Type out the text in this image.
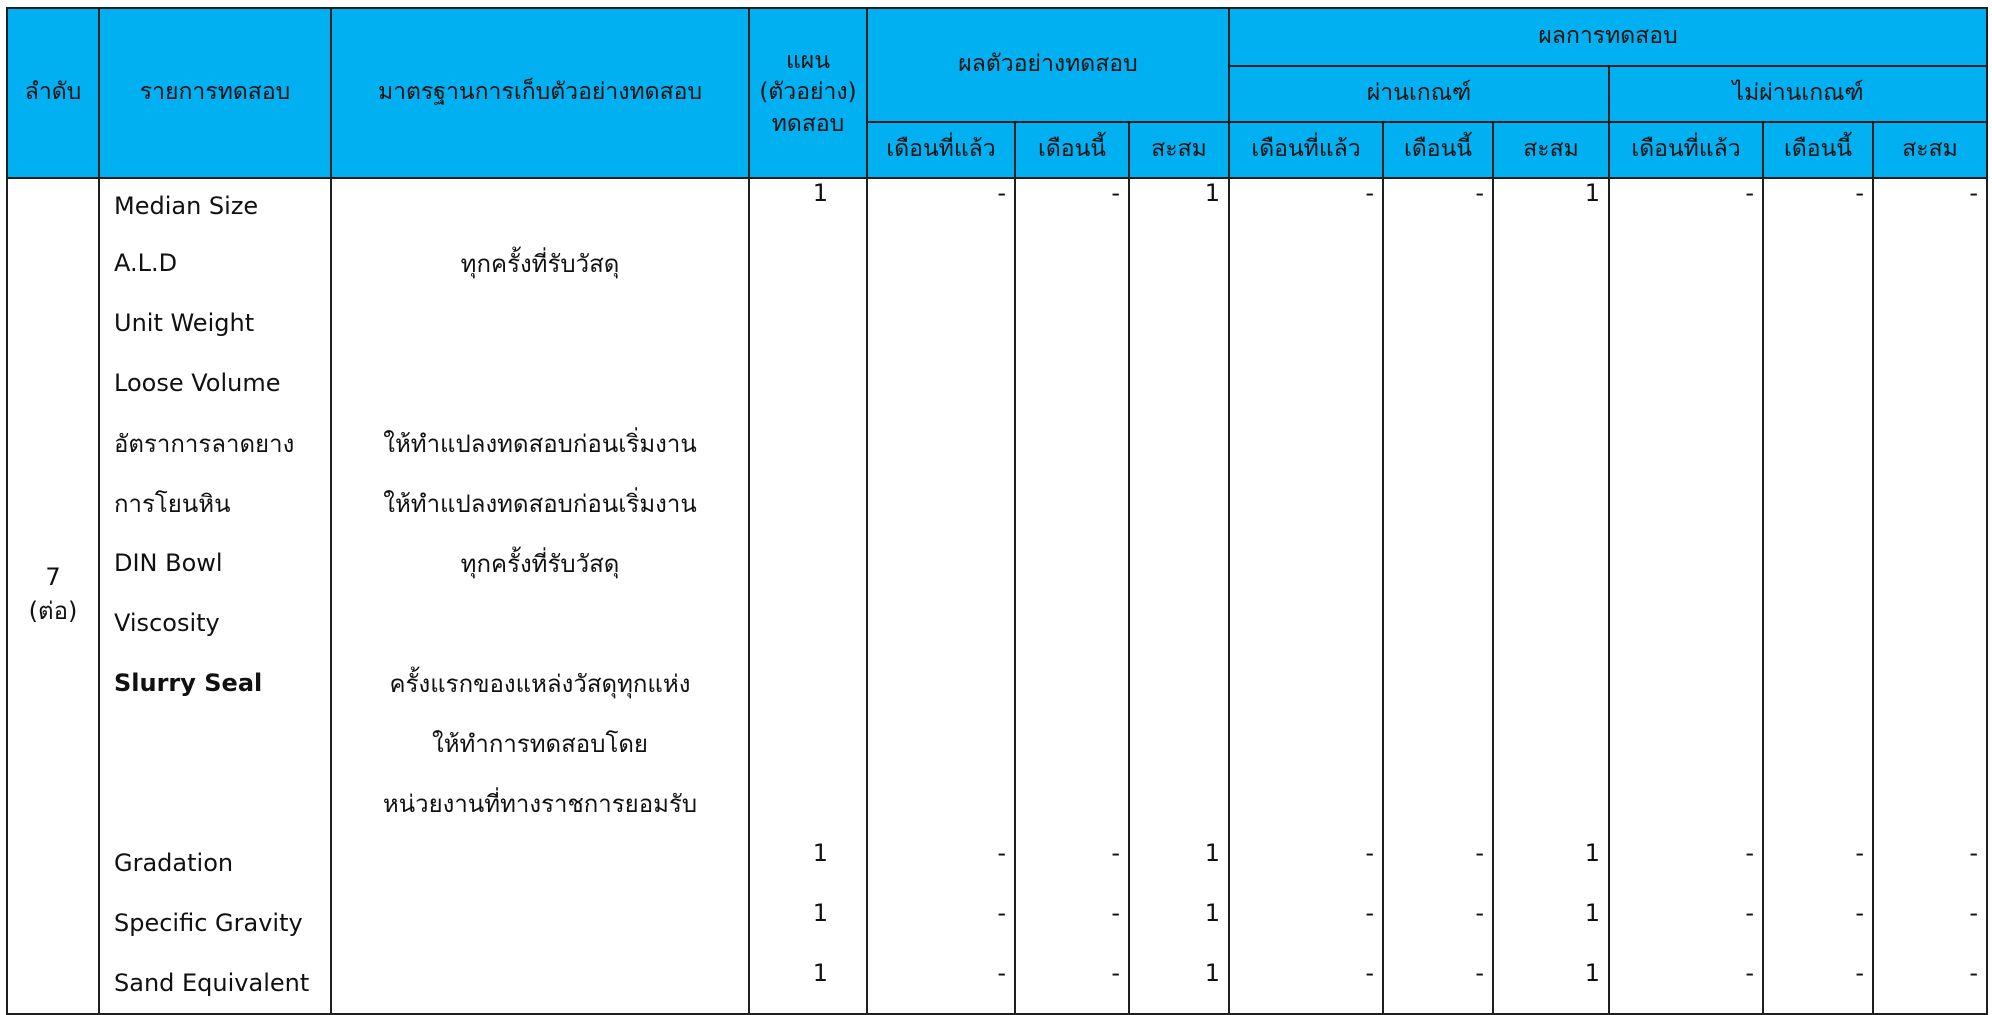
ลำดับ	รายการทดสอบ	มาตรฐานการเก็บตัวอย่างทดสอบ	แผน (ตัวอย่าง) ทดสอบ	ผลตัวอย่างทดสอบ			ผลการทดสอบ					
							ผ่านเกณฑ์			ไม่ผ่านเกณฑ์		
				เดือนที่แล้ว	เดือนนี้	สะสม	เดือนที่แล้ว	เดือนนี้	สะสม	เดือนที่แล้ว	เดือนนี้	สะสม

7
(ต่อ)	Median Size		1	-	-	1	-	-	1	-	-	-
	A.L.D	ทุกครั้งที่รับวัสดุ										
	Unit Weight											
	Loose Volume											
	อัตราการลาดยาง	ให้ทำแปลงทดสอบก่อนเริ่มงาน										
	การโยนหิน	ให้ทำแปลงทดสอบก่อนเริ่มงาน										
	DIN Bowl	ทุกครั้งที่รับวัสดุ										
	Viscosity											
	Slurry Seal	ครั้งแรกของแหล่งวัสดุทุกแห่ง										
		ให้ทำการทดสอบโดย										
		หน่วยงานที่ทางราชการยอมรับ										
	Gradation		1	-	-	1	-	-	1	-	-	-
	Specific Gravity		1	-	-	1	-	-	1	-	-	-
	Sand Equivalent		1	-	-	1	-	-	1	-	-	-
